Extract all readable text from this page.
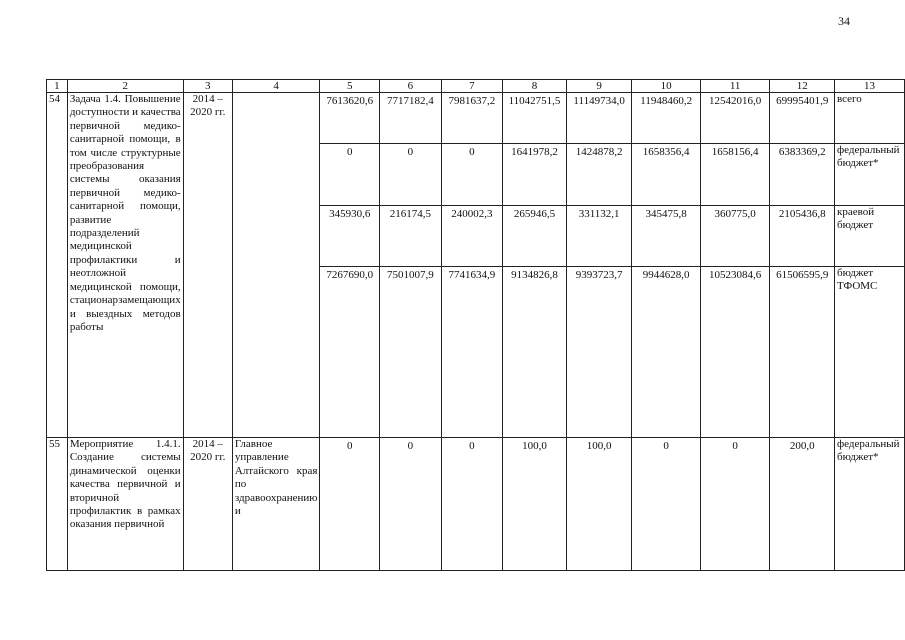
34
1	2	3	4	5	6	7	8	9	10	11	12	13
54	Задача 1.4. Повышение доступности и качества первичной медико-санитарной помощи, в том числе структурные преобразования системы оказания первичной медико-санитарной помощи, развитие подразделений медицинской профилактики и неотложной медицинской помощи, стационарзамещающих и выездных методов работы	2014 – 2020 гг.		7613620,6	7717182,4	7981637,2	11042751,5	11149734,0	11948460,2	12542016,0	69995401,9	всего
				0	0	0	1641978,2	1424878,2	1658356,4	1658156,4	6383369,2	федеральный бюджет*
				345930,6	216174,5	240002,3	265946,5	331132,1	345475,8	360775,0	2105436,8	краевой бюджет
				7267690,0	7501007,9	7741634,9	9134826,8	9393723,7	9944628,0	10523084,6	61506595,9	бюджет ТФОМС
55	Мероприятие 1.4.1. Создание системы динамической оценки качества первичной и вторичной профилактик в рамках оказания первичной	2014 – 2020 гг.	Главное управление Алтайского края по здравоохранению и	0	0	0	100,0	100,0	0	0	200,0	федеральный бюджет*
